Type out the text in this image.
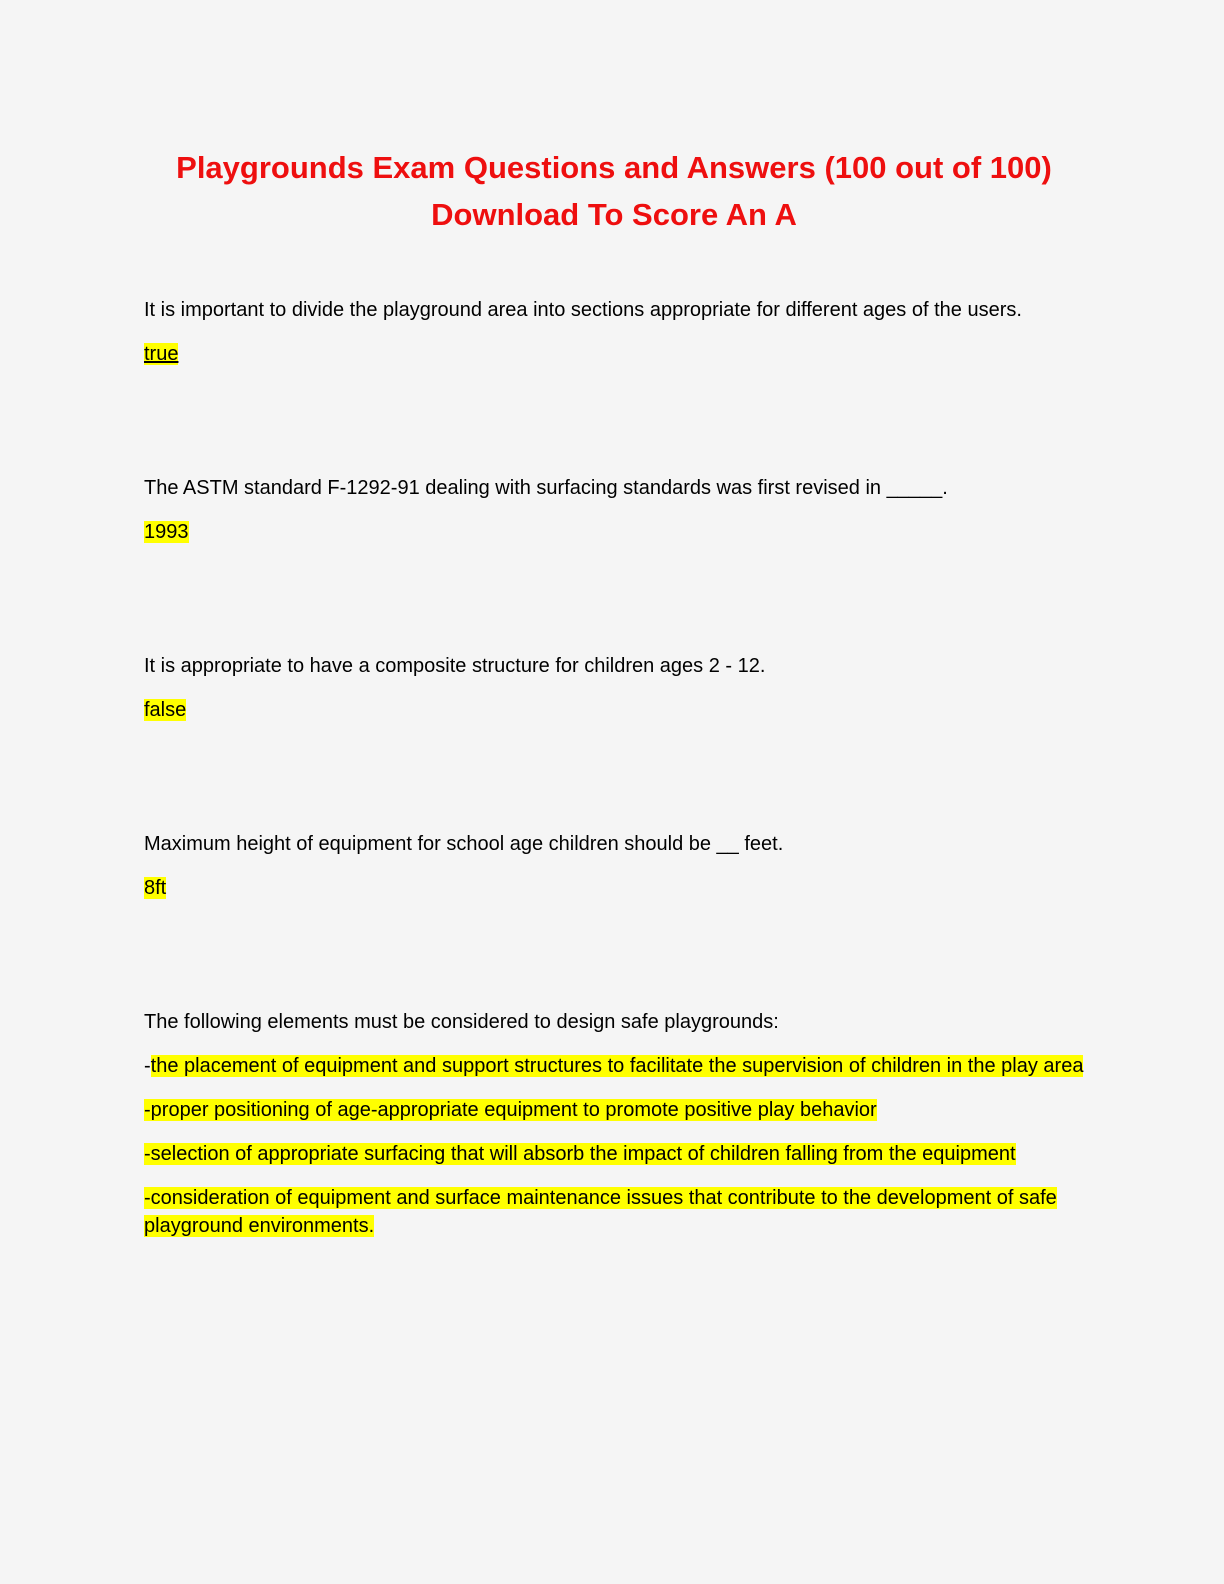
Playgrounds Exam Questions and Answers (100 out of 100)
Download To Score An A

It is important to divide the playground area into sections appropriate for different ages of the users.

true

The ASTM standard F-1292-91 dealing with surfacing standards was first revised in _____.

1993

It is appropriate to have a composite structure for children ages 2 - 12.

false

Maximum height of equipment for school age children should be __ feet.

8ft

The following elements must be considered to design safe playgrounds:

-the placement of equipment and support structures to facilitate the supervision of children in the play area

-proper positioning of age-appropriate equipment to promote positive play behavior

-selection of appropriate surfacing that will absorb the impact of children falling from the equipment

-consideration of equipment and surface maintenance issues that contribute to the development of safe playground environments.
